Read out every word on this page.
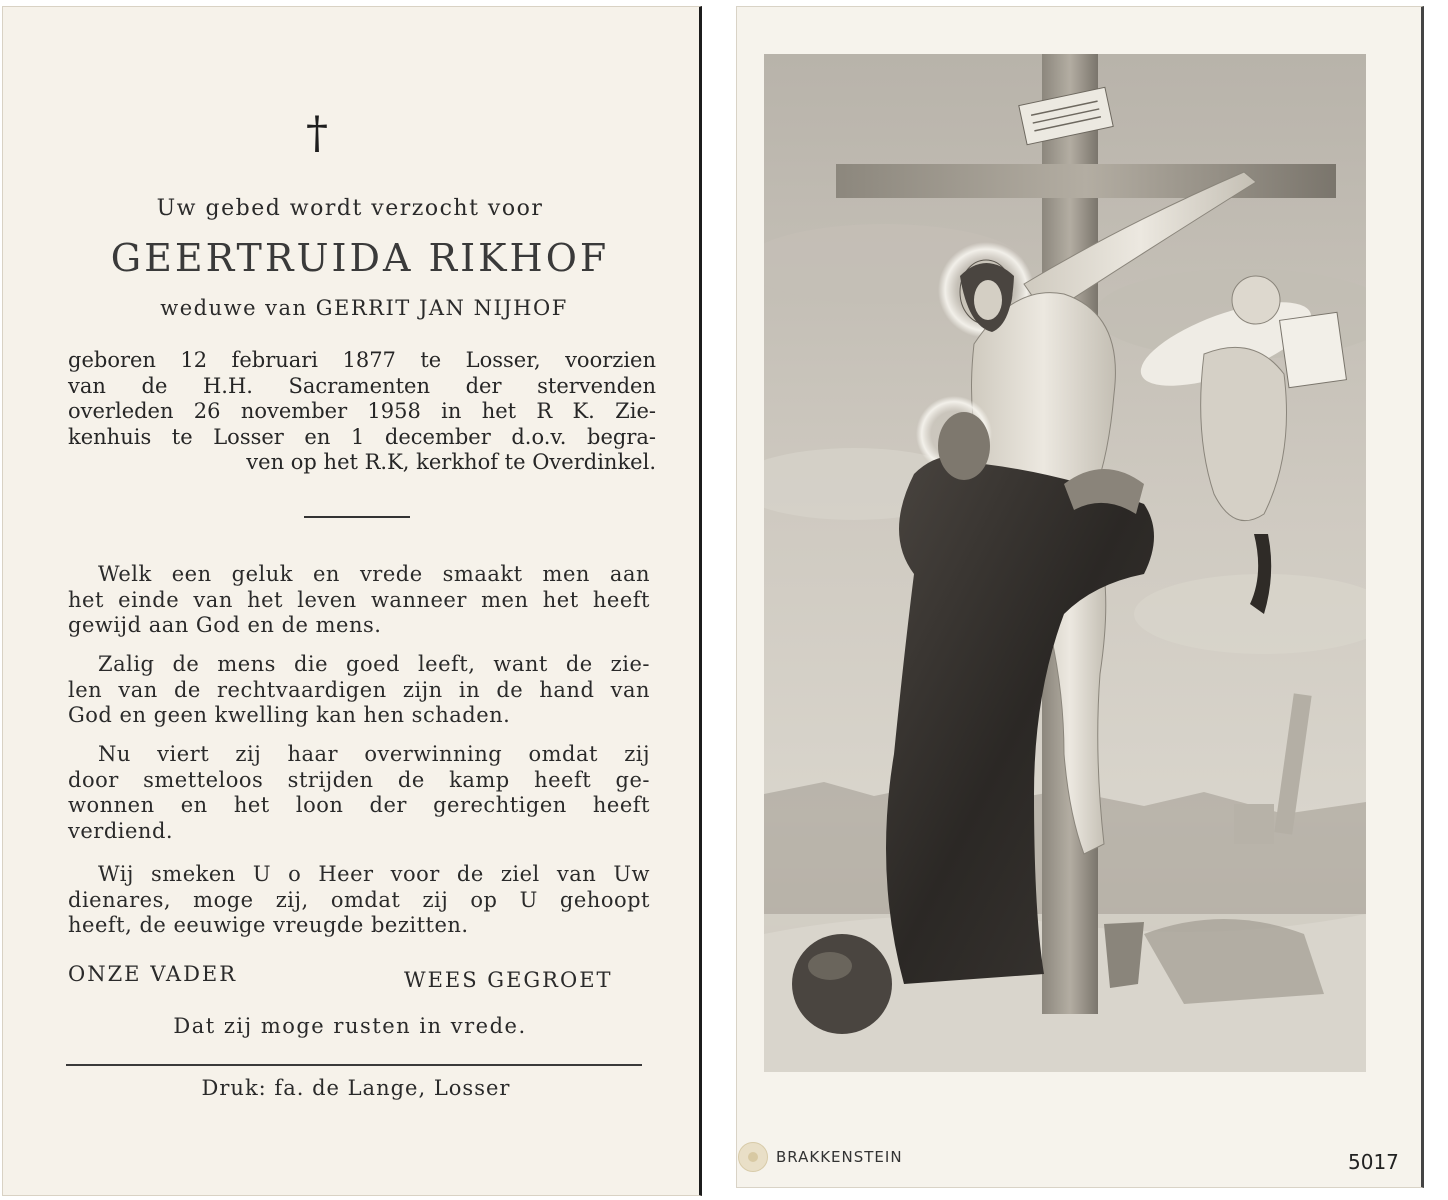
†
Uw gebed wordt verzocht voor
GEERTRUIDA RIKHOF
weduwe van GERRIT JAN NIJHOF
geboren 12 februari 1877 te Losser, voorzien
van de H.H. Sacramenten der stervenden
overleden 26 november 1958 in het R K. Zie-
kenhuis te Losser en 1 december d.o.v. begra-
ven op het R.K, kerkhof te Overdinkel.
Welk een geluk en vrede smaakt men aan
het einde van het leven wanneer men het heeft
gewijd aan God en de mens.
Zalig de mens die goed leeft, want de zie-
len van de rechtvaardigen zijn in de hand van
God en geen kwelling kan hen schaden.
Nu viert zij haar overwinning omdat zij
door smetteloos strijden de kamp heeft ge-
wonnen en het loon der gerechtigen heeft
verdiend.
Wij smeken U o Heer voor de ziel van Uw
dienares, moge zij, omdat zij op U gehoopt
heeft, de eeuwige vreugde bezitten.
ONZE VADER	WEES GEGROET
Dat zij moge rusten in vrede.
Druk: fa. de Lange, Losser
BRAKKENSTEIN	5017
